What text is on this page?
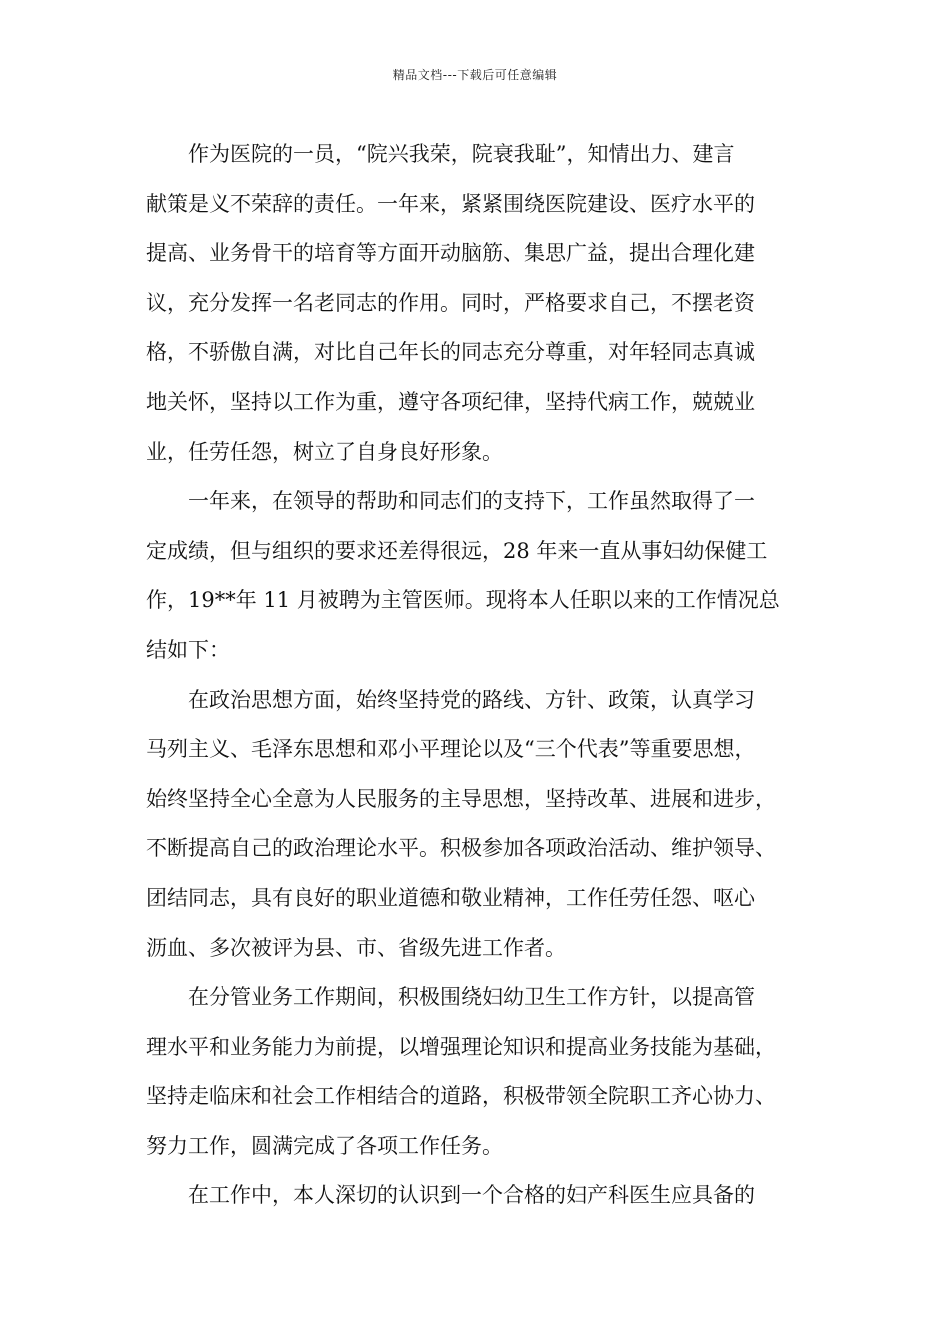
精品文档---下载后可任意编辑
作为医院的一员，“院兴我荣，院衰我耻”，知情出力、建言
献策是义不荣辞的责任。一年来，紧紧围绕医院建设、医疗水平的
提高、业务骨干的培育等方面开动脑筋、集思广益，提出合理化建
议，充分发挥一名老同志的作用。同时，严格要求自己，不摆老资
格，不骄傲自满，对比自己年长的同志充分尊重，对年轻同志真诚
地关怀，坚持以工作为重，遵守各项纪律，坚持代病工作，兢兢业
业，任劳任怨，树立了自身良好形象。
一年来，在领导的帮助和同志们的支持下，工作虽然取得了一
定成绩，但与组织的要求还差得很远，28 年来一直从事妇幼保健工
作，19**年 11 月被聘为主管医师。现将本人任职以来的工作情况总
结如下：
在政治思想方面，始终坚持党的路线、方针、政策，认真学习
马列主义、毛泽东思想和邓小平理论以及“三个代表”等重要思想，
始终坚持全心全意为人民服务的主导思想，坚持改革、进展和进步，
不断提高自己的政治理论水平。积极参加各项政治活动、维护领导、
团结同志，具有良好的职业道德和敬业精神，工作任劳任怨、呕心
沥血、多次被评为县、市、省级先进工作者。
在分管业务工作期间，积极围绕妇幼卫生工作方针，以提高管
理水平和业务能力为前提，以增强理论知识和提高业务技能为基础，
坚持走临床和社会工作相结合的道路，积极带领全院职工齐心协力、
努力工作，圆满完成了各项工作任务。
在工作中，本人深切的认识到一个合格的妇产科医生应具备的
